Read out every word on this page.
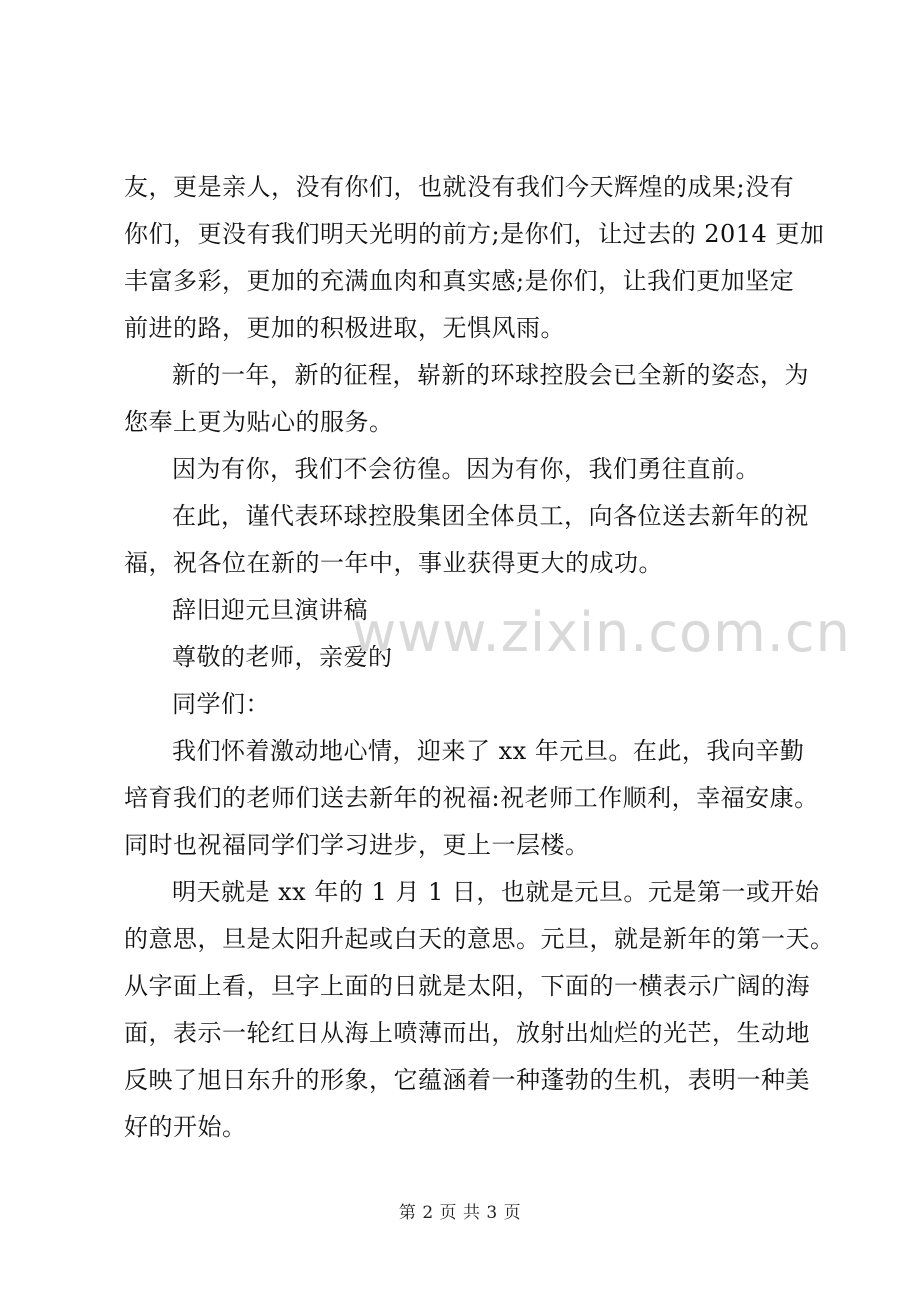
友，更是亲人，没有你们，也就没有我们今天辉煌的成果;没有
你们，更没有我们明天光明的前方;是你们，让过去的 2014 更加
丰富多彩，更加的充满血肉和真实感;是你们，让我们更加坚定
前进的路，更加的积极进取，无惧风雨。
新的一年，新的征程，崭新的环球控股会已全新的姿态，为
您奉上更为贴心的服务。
因为有你，我们不会彷徨。因为有你，我们勇往直前。
在此，谨代表环球控股集团全体员工，向各位送去新年的祝
福，祝各位在新的一年中，事业获得更大的成功。
辞旧迎元旦演讲稿
尊敬的老师，亲爱的
同学们：
我们怀着激动地心情，迎来了 xx 年元旦。在此，我向辛勤
培育我们的老师们送去新年的祝福:祝老师工作顺利，幸福安康。
同时也祝福同学们学习进步，更上一层楼。
明天就是 xx 年的 1 月 1 日，也就是元旦。元是第一或开始
的意思，旦是太阳升起或白天的意思。元旦，就是新年的第一天。
从字面上看，旦字上面的日就是太阳，下面的一横表示广阔的海
面，表示一轮红日从海上喷薄而出，放射出灿烂的光芒，生动地
反映了旭日东升的形象，它蕴涵着一种蓬勃的生机，表明一种美
好的开始。
www.zixin.com.cn
第 2 页 共 3 页
